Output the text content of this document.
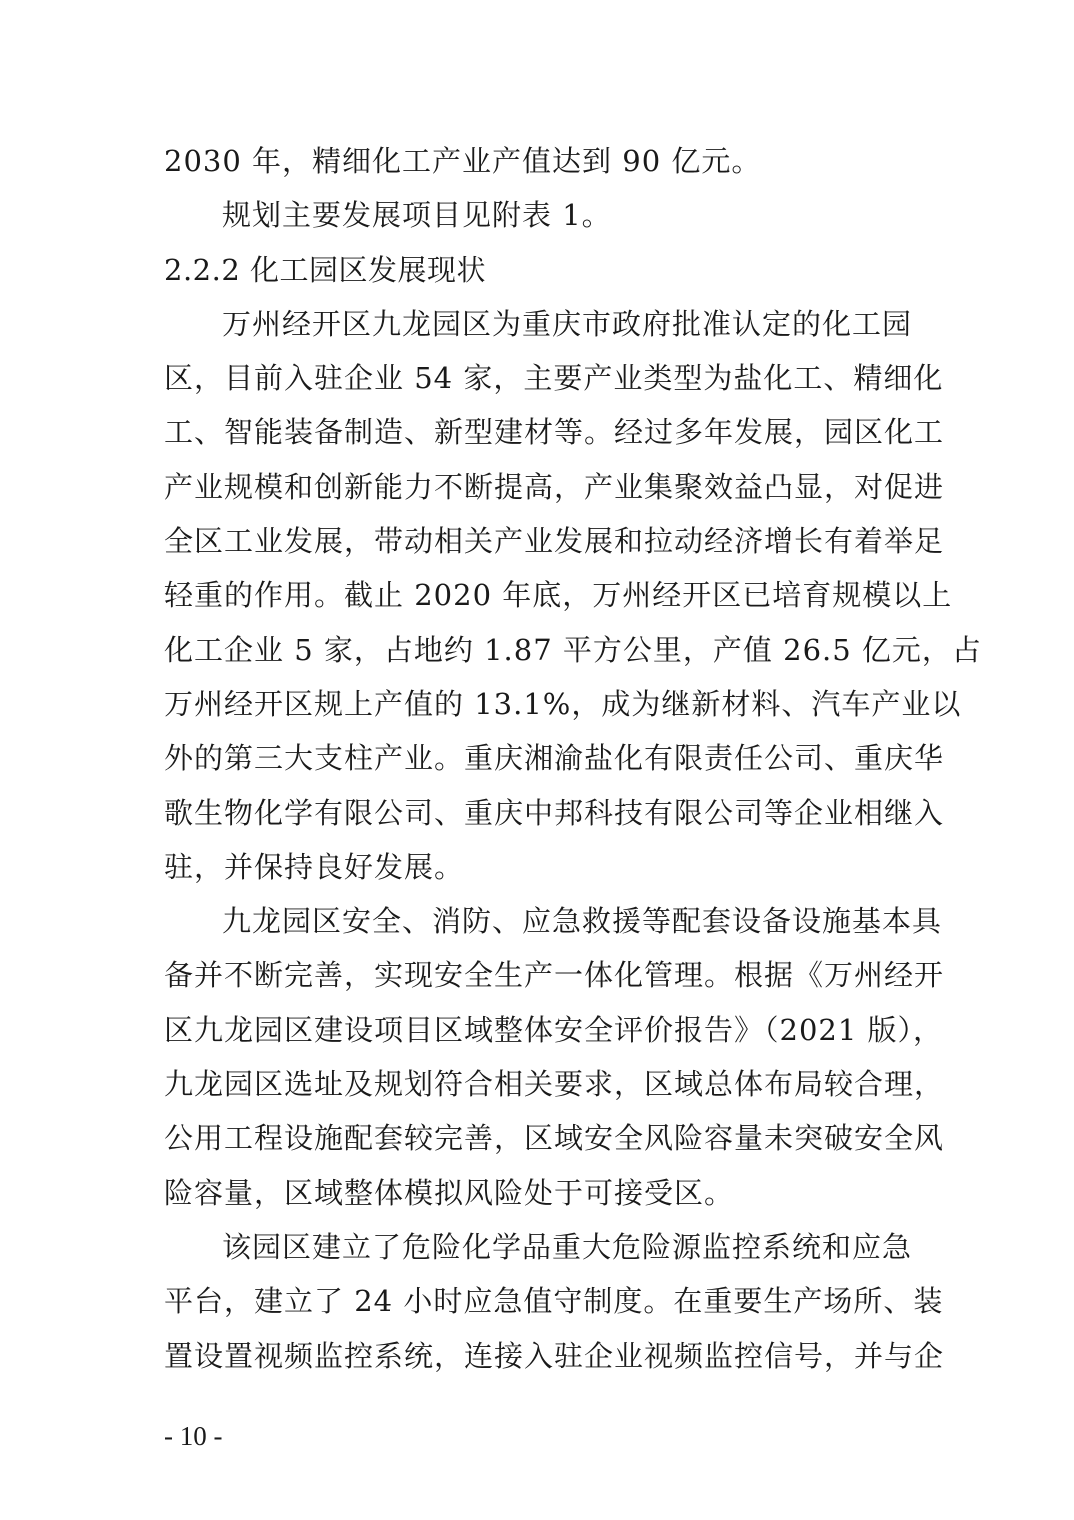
2030 年，精细化工产业产值达到 90 亿元。
规划主要发展项目见附表 1。
2.2.2 化工园区发展现状
万州经开区九龙园区为重庆市政府批准认定的化工园
区，目前入驻企业 54 家，主要产业类型为盐化工、精细化
工、智能装备制造、新型建材等。经过多年发展，园区化工
产业规模和创新能力不断提高，产业集聚效益凸显，对促进
全区工业发展，带动相关产业发展和拉动经济增长有着举足
轻重的作用。截止 2020 年底，万州经开区已培育规模以上
化工企业 5 家，占地约 1.87 平方公里，产值 26.5 亿元，占
万州经开区规上产值的 13.1%，成为继新材料、汽车产业以
外的第三大支柱产业。重庆湘渝盐化有限责任公司、重庆华
歌生物化学有限公司、重庆中邦科技有限公司等企业相继入
驻，并保持良好发展。
九龙园区安全、消防、应急救援等配套设备设施基本具
备并不断完善，实现安全生产一体化管理。根据《万州经开
区九龙园区建设项目区域整体安全评价报告》（2021 版），
九龙园区选址及规划符合相关要求，区域总体布局较合理，
公用工程设施配套较完善，区域安全风险容量未突破安全风
险容量，区域整体模拟风险处于可接受区。
该园区建立了危险化学品重大危险源监控系统和应急
平台，建立了 24 小时应急值守制度。在重要生产场所、装
置设置视频监控系统，连接入驻企业视频监控信号，并与企
- 10 -
